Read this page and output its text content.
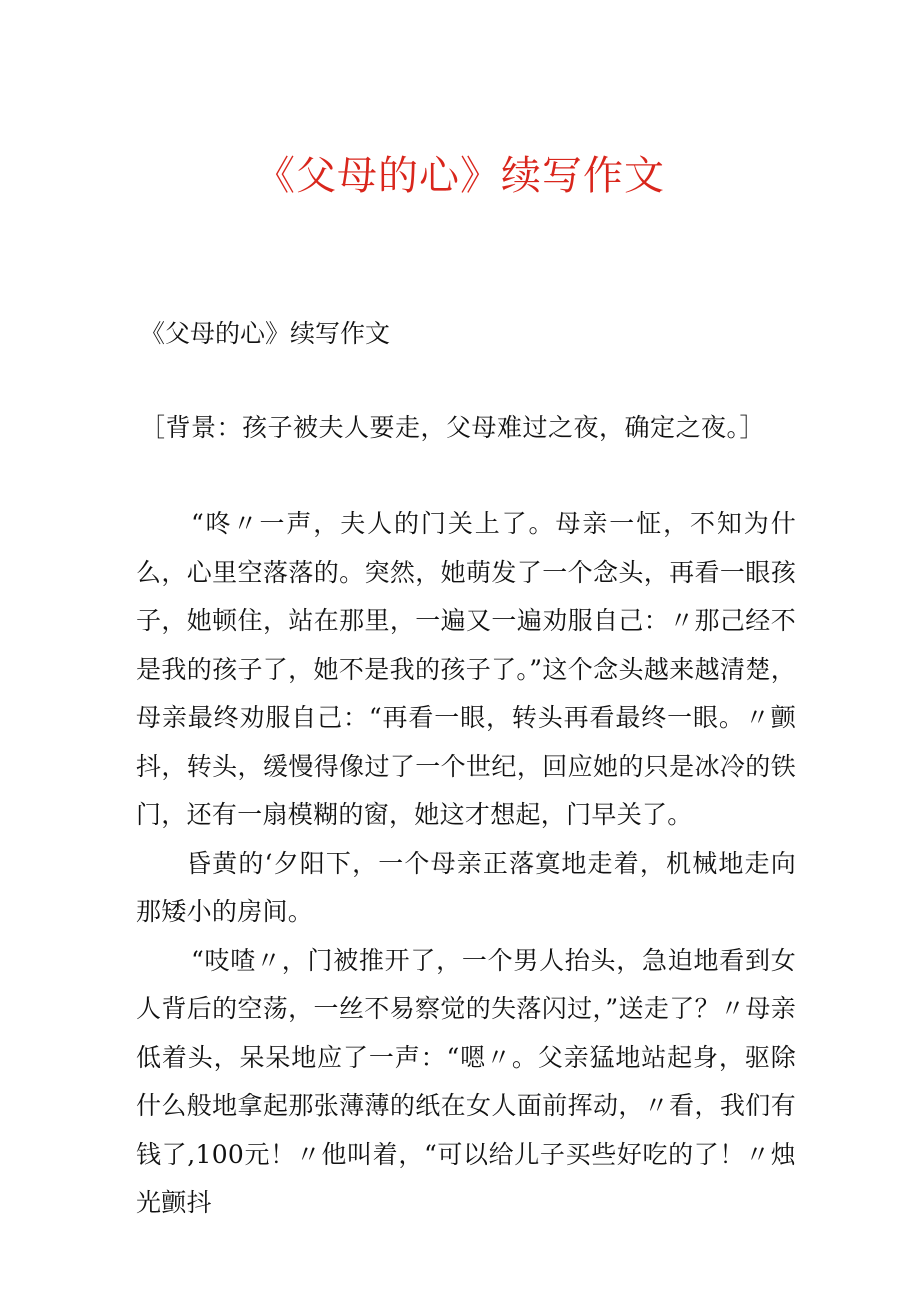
《父母的心》续写作文
《父母的心》续写作文
［背景：孩子被夫人要走，父母难过之夜，确定之夜。］

“咚〃一声，夫人的门关上了。母亲一怔，不知为什么，心里空落落的。突然，她萌发了一个念头，再看一眼孩子，她顿住，站在那里，一遍又一遍劝服自己：〃那己经不是我的孩子了，她不是我的孩子了。”这个念头越来越清楚，母亲最终劝服自己：“再看一眼，转头再看最终一眼。〃颤抖，转头，缓慢得像过了一个世纪，回应她的只是冰冷的铁门，还有一扇模糊的窗，她这才想起，门早关了。

昏黄的‘夕阳下，一个母亲正落寞地走着，机械地走向那矮小的房间。

“吱喳〃，门被推开了，一个男人抬头，急迫地看到女人背后的空荡，一丝不易察觉的失落闪过，”送走了？〃母亲低着头，呆呆地应了一声：“嗯〃。父亲猛地站起身，驱除什么般地拿起那张薄薄的纸在女人面前挥动，〃看，我们有钱了,100元！〃他叫着，“可以给儿子买些好吃的了！〃烛光颤抖
